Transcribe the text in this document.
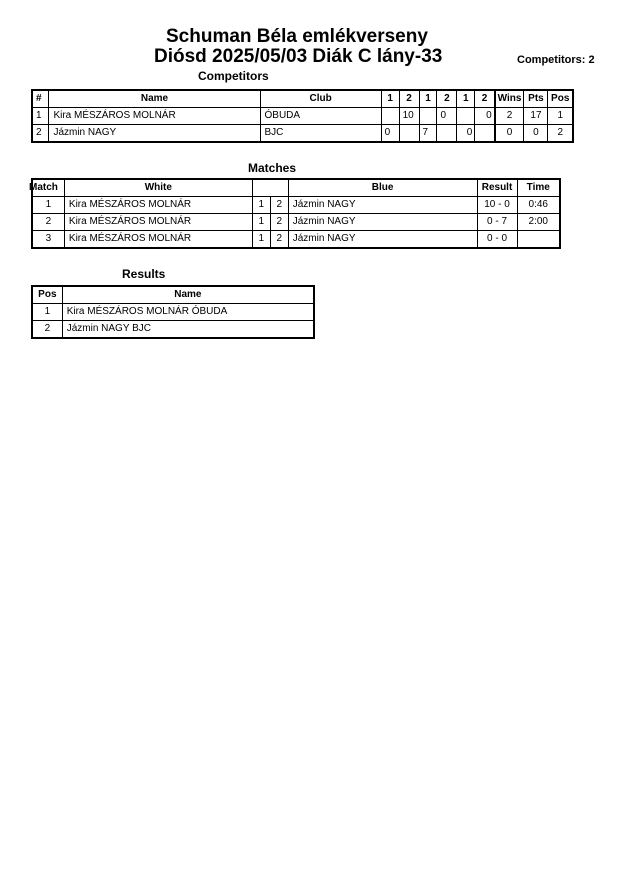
Schuman Béla emlékverseny
Diósd 2025/05/03 Diák C lány-33	Competitors: 2
Competitors
#	Name	Club	1	2	1	2	1	2	Wins	Pts	Pos
1	Kira MÉSZÁROS MOLNÁR	ÓBUDA		10		0		0	2	17	1
2	Jázmin NAGY	BJC	0		7		0		0	0	2
Matches
Match	White			Blue	Result	Time
1	Kira MÉSZÁROS MOLNÁR	1	2	Jázmin NAGY	10 - 0	0:46
2	Kira MÉSZÁROS MOLNÁR	1	2	Jázmin NAGY	0 - 7	2:00
3	Kira MÉSZÁROS MOLNÁR	1	2	Jázmin NAGY	0 - 0	
Results
Pos	Name
1	Kira MÉSZÁROS MOLNÁR ÓBUDA
2	Jázmin NAGY BJC
